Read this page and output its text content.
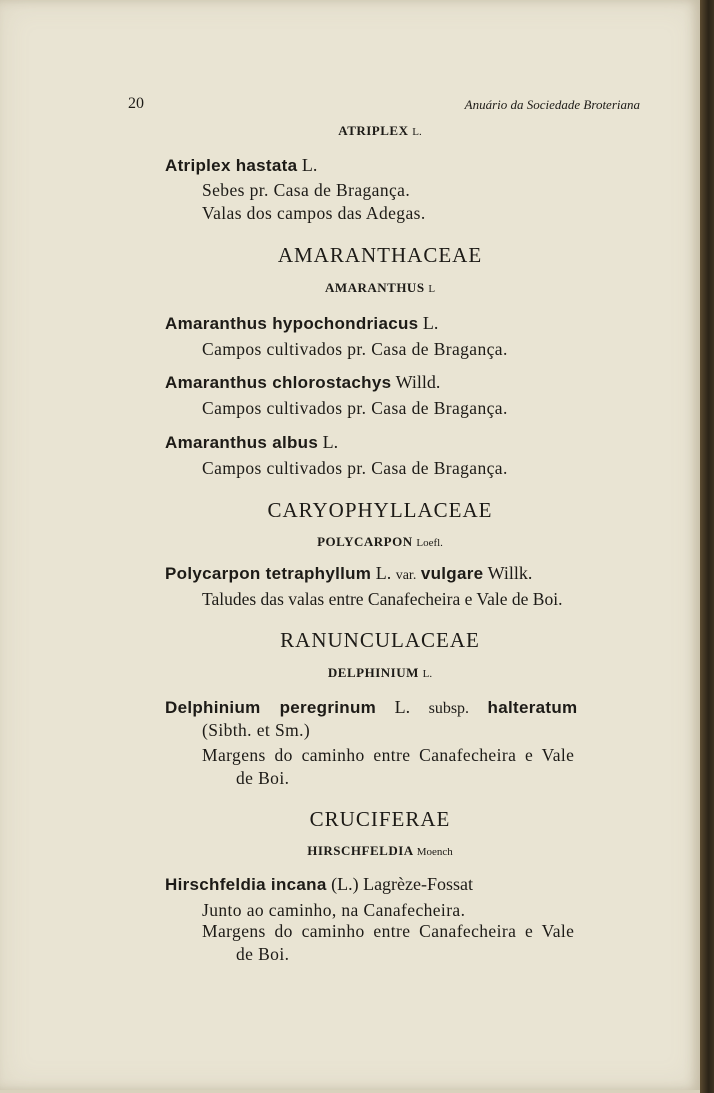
20	Anuário da Sociedade Broteriana
ATRIPLEX L.
Atriplex hastata L.
Sebes pr. Casa de Bragança.
Valas dos campos das Adegas.
AMARANTHACEAE
AMARANTHUS L
Amaranthus hypochondriacus L.
Campos cultivados pr. Casa de Bragança.
Amaranthus chlorostachys Willd.
Campos cultivados pr. Casa de Bragança.
Amaranthus albus L.
Campos cultivados pr. Casa de Bragança.
CARYOPHYLLACEAE
POLYCARPON Loefl.
Polycarpon tetraphyllum L. var. vulgare Willk.
Taludes das valas entre Canafecheira e Vale de Boi.
RANUNCULACEAE
DELPHINIUM L.
Delphinium peregrinum L. subsp. halteratum
(Sibth. et Sm.)
Margens do caminho entre Canafecheira e Vale
de Boi.
CRUCIFERAE
HIRSCHFELDIA Moench
Hirschfeldia incana (L.) Lagrèze-Fossat
Junto ao caminho, na Canafecheira.
Margens do caminho entre Canafecheira e Vale
de Boi.
